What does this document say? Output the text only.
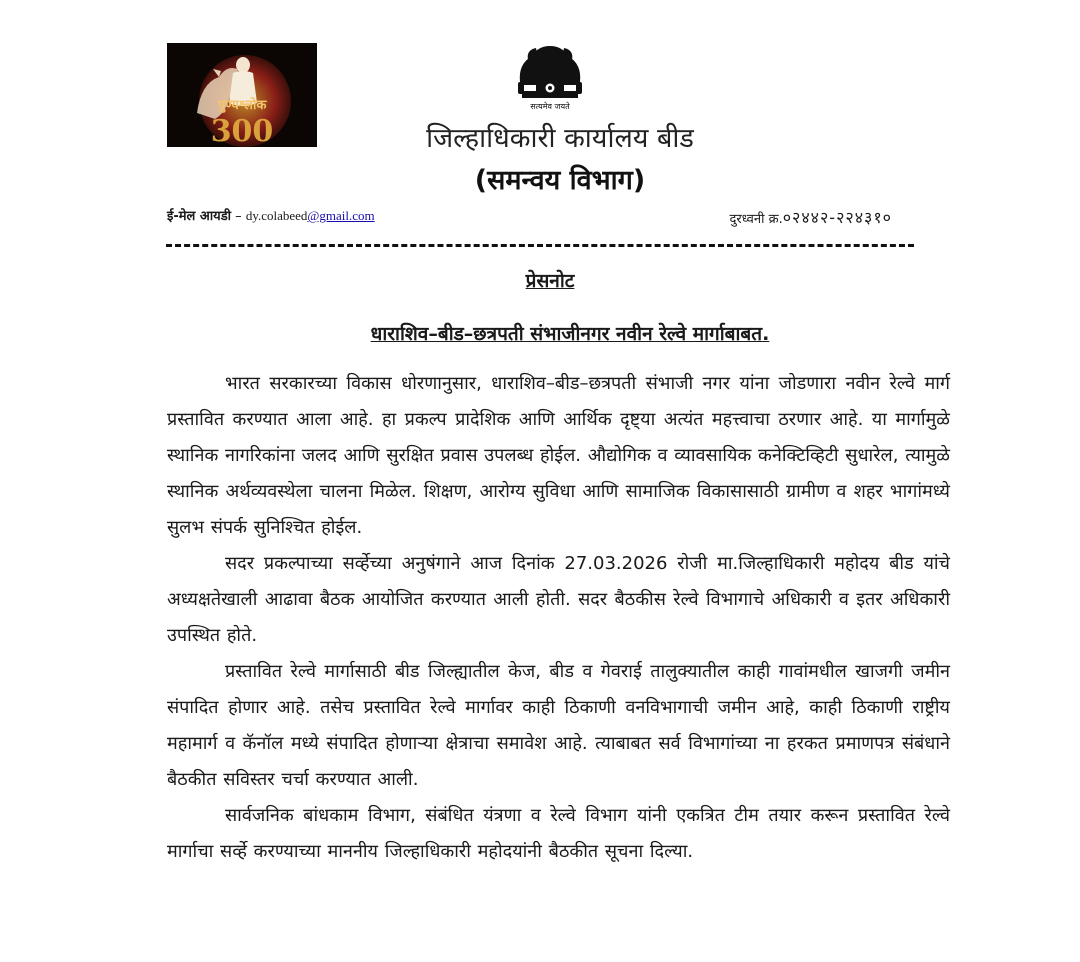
पुण्यश्लोक
300
सत्यमेव जयते
जिल्हाधिकारी कार्यालय बीड
(समन्वय विभाग)
ई-मेल आयडी – dy.colabeed@gmail.com	दुरध्वनी क्र.०२४४२-२२४३१०
प्रेसनोट
धाराशिव–बीड–छत्रपती संभाजीनगर नवीन रेल्वे मार्गाबाबत.

भारत सरकारच्या विकास धोरणानुसार, धाराशिव–बीड–छत्रपती संभाजी नगर यांना जोडणारा नवीन रेल्वे मार्ग प्रस्तावित करण्यात आला आहे. हा प्रकल्प प्रादेशिक आणि आर्थिक दृष्ट्या अत्यंत महत्त्वाचा ठरणार आहे. या मार्गामुळे स्थानिक नागरिकांना जलद आणि सुरक्षित प्रवास उपलब्ध होईल. औद्योगिक व व्यावसायिक कनेक्टिव्हिटी सुधारेल, त्यामुळे स्थानिक अर्थव्यवस्थेला चालना मिळेल. शिक्षण, आरोग्य सुविधा आणि सामाजिक विकासासाठी ग्रामीण व शहर भागांमध्ये सुलभ संपर्क सुनिश्चित होईल.

सदर प्रकल्पाच्या सर्व्हेच्या अनुषंगाने आज दिनांक 27.03.2026 रोजी मा.जिल्हाधिकारी महोदय बीड यांचे अध्यक्षतेखाली आढावा बैठक आयोजित करण्यात आली होती. सदर बैठकीस रेल्वे विभागाचे अधिकारी व इतर अधिकारी उपस्थित होते.

प्रस्तावित रेल्वे मार्गासाठी बीड जिल्ह्यातील केज, बीड व गेवराई तालुक्यातील काही गावांमधील खाजगी जमीन संपादित होणार आहे. तसेच प्रस्तावित रेल्वे मार्गावर काही ठिकाणी वनविभागाची जमीन आहे, काही ठिकाणी राष्ट्रीय महामार्ग व कॅनॉल मध्ये संपादित होणाऱ्या क्षेत्राचा समावेश आहे. त्याबाबत सर्व विभागांच्या ना हरकत प्रमाणपत्र संबंधाने बैठकीत सविस्तर चर्चा करण्यात आली.

सार्वजनिक बांधकाम विभाग, संबंधित यंत्रणा व रेल्वे विभाग यांनी एकत्रित टीम तयार करून प्रस्तावित रेल्वे मार्गाचा सर्व्हे करण्याच्या माननीय जिल्हाधिकारी महोदयांनी बैठकीत सूचना दिल्या.
